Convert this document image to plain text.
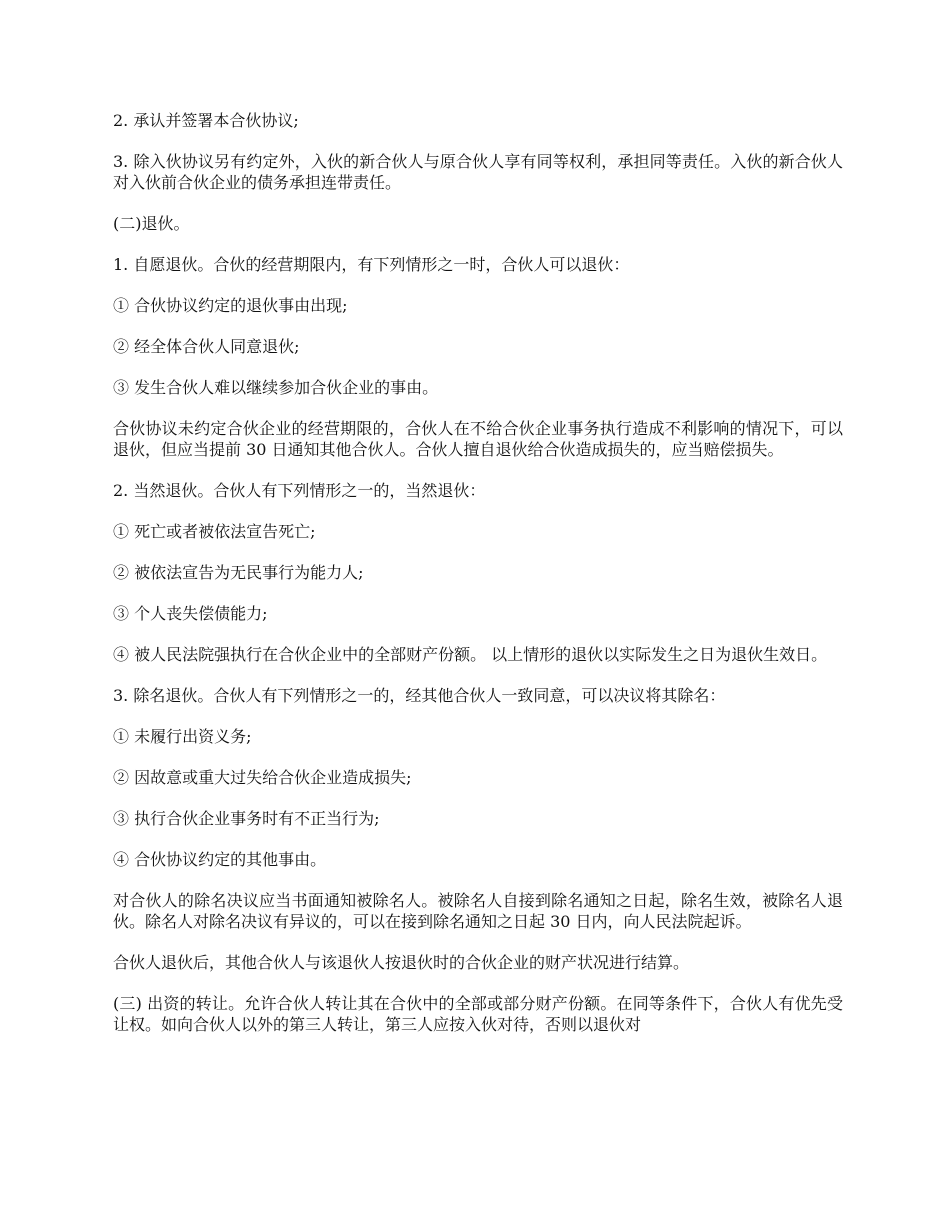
2. 承认并签署本合伙协议;

3. 除入伙协议另有约定外，入伙的新合伙人与原合伙人享有同等权利，承担同等责任。入伙的新合伙人对入伙前合伙企业的债务承担连带责任。

(二)退伙。

1. 自愿退伙。合伙的经营期限内，有下列情形之一时，合伙人可以退伙：

① 合伙协议约定的退伙事由出现;

② 经全体合伙人同意退伙;

③ 发生合伙人难以继续参加合伙企业的事由。

合伙协议未约定合伙企业的经营期限的，合伙人在不给合伙企业事务执行造成不利影响的情况下，可以退伙，但应当提前 30 日通知其他合伙人。合伙人擅自退伙给合伙造成损失的，应当赔偿损失。

2. 当然退伙。合伙人有下列情形之一的，当然退伙：

① 死亡或者被依法宣告死亡;

② 被依法宣告为无民事行为能力人;

③ 个人丧失偿债能力;

④ 被人民法院强执行在合伙企业中的全部财产份额。 以上情形的退伙以实际发生之日为退伙生效日。

3. 除名退伙。合伙人有下列情形之一的，经其他合伙人一致同意，可以决议将其除名：

① 未履行出资义务;

② 因故意或重大过失给合伙企业造成损失;

③ 执行合伙企业事务时有不正当行为;

④ 合伙协议约定的其他事由。

对合伙人的除名决议应当书面通知被除名人。被除名人自接到除名通知之日起，除名生效，被除名人退伙。除名人对除名决议有异议的，可以在接到除名通知之日起 30 日内，向人民法院起诉。

合伙人退伙后，其他合伙人与该退伙人按退伙时的合伙企业的财产状况进行结算。

(三) 出资的转让。允许合伙人转让其在合伙中的全部或部分财产份额。在同等条件下，合伙人有优先受让权。如向合伙人以外的第三人转让，第三人应按入伙对待，否则以退伙对
